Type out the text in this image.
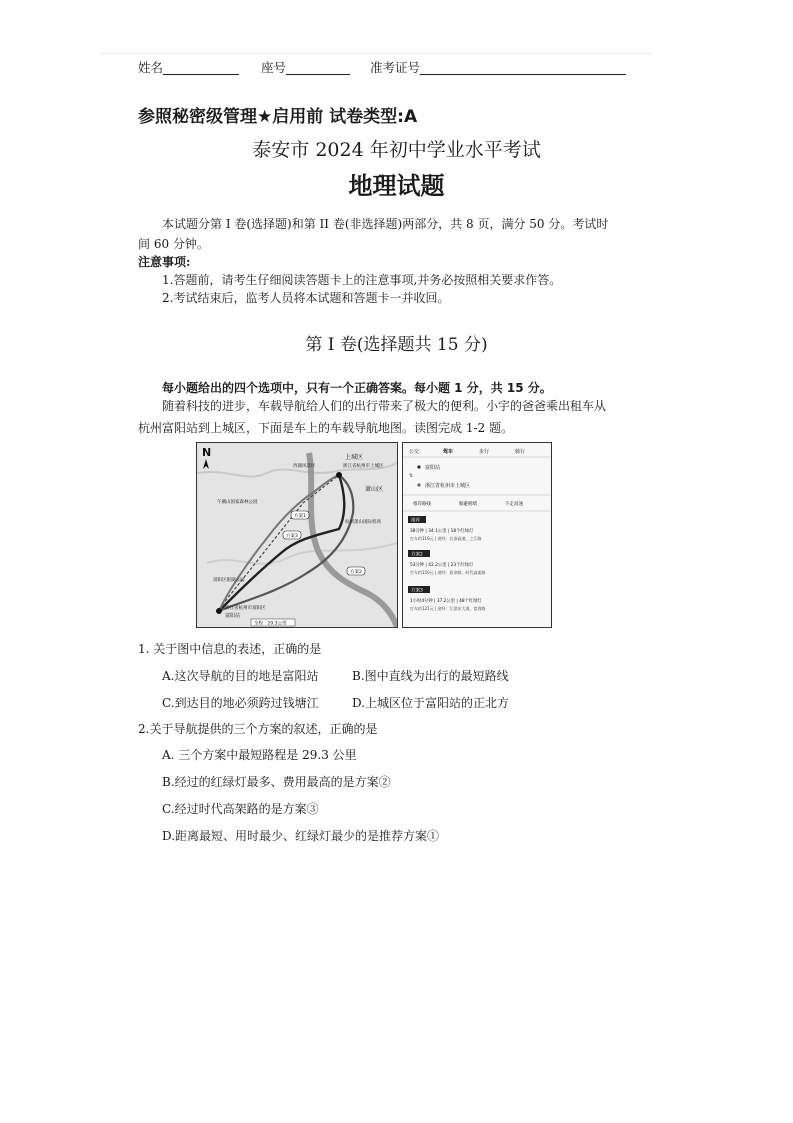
姓名	座号	准考证号
参照秘密级管理★启用前 试卷类型:A
泰安市 2024 年初中学业水平考试
地理试题
本试题分第 I 卷(选择题)和第 II 卷(非选择题)两部分，共 8 页，满分 50 分。考试时间 60 分钟。
注意事项:
1.答题前，请考生仔细阅读答题卡上的注意事项,并务必按照相关要求作答。
2.考试结束后，监考人员将本试题和答题卡一并收回。
第 I 卷(选择题共 15 分)
每小题给出的四个选项中，只有一个正确答案。每小题 1 分，共 15 分。
随着科技的进步，车载导航给人们的出行带来了极大的便利。小宇的爸爸乘出租车从
杭州富阳站到上城区，下面是车上的车载导航地图。读图完成 1-2 题。
N	上城区
浙江省杭州市上城区
萧山区
西湖风景区
午潮山国家森林公园
富阳区银湖公园
杭州萧山国际机场
富阳站
浙江省杭州市富阳区
全程：29.3公里
方案1
方案3
方案2
公交	驾车	步行	骑行
富阳站
浙江省杭州市上城区
⇅
推荐路线	躲避拥堵	不走高速
推荐
38分钟 | 34.1公里 | 18个红绿灯
打车约119元 | 途经：长深高速、之江路
方案2
53分钟 | 42.2公里 | 23个红绿灯
打车约150元 | 途经：彩余路、时代高架路
方案3
1小时4分钟 | 37.2公里 | 48个红绿灯
打车约121元 | 途经：江滨东大道、富春路
1. 关于图中信息的表述，正确的是
A.这次导航的目的地是富阳站	B.图中直线为出行的最短路线
C.到达目的地必须跨过钱塘江	D.上城区位于富阳站的正北方
2.关于导航提供的三个方案的叙述，正确的是
A. 三个方案中最短路程是 29.3 公里
B.经过的红绿灯最多、费用最高的是方案②
C.经过时代高架路的是方案③
D.距离最短、用时最少、红绿灯最少的是推荐方案①
